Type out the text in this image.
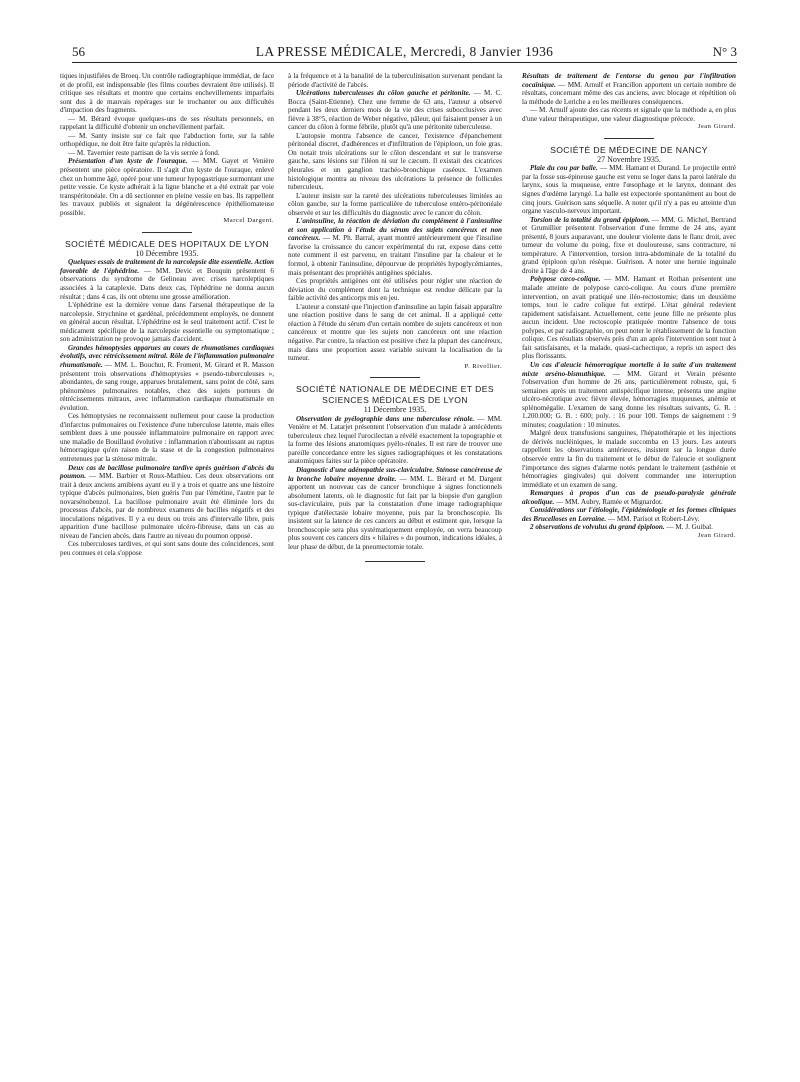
56	LA PRESSE MÉDICALE, Mercredi, 8 Janvier 1936	N° 3

tiques injustifiées de Broeq. Un contrôle radiographique immédiat, de face et de profil, est indispensable (les films courbes devraient être utilisés). Il critique ses résultats et montre que certains enchevillements imparfaits sont dus à de mauvais repérages sur le trochanter ou aux difficultés d'impaction des fragments.

— M. Bérard évoque quelques-uns de ses résultats personnels, en rappelant la difficulté d'obtenir un enchevillement parfait.

— M. Santy insiste sur ce fait que l'abduction forte, sur la table orthopédique, ne doit être faite qu'après la réduction.

— M. Tavernier reste partisan de la vis serrée à fond.

Présentation d'un kyste de l'ouraque. — MM. Gayet et Venière présentent une pièce opératoire. Il s'agit d'un kyste de l'ouraque, enlevé chez un homme âgé, opéré pour une tumeur hypogastrique surmontant une petite vessie. Ce kyste adhérait à la ligne blanche et a été extrait par voie transpéritonéale. On a dû sectionner en pleine vessie en bas. Ils rappellent les travaux publiés et signalent la dégénérescence épithéliomateuse possible.

Marcel Dargent.

SOCIÉTÉ MÉDICALE DES HOPITAUX DE LYON

10 Décembre 1935.

Quelques essais de traitement de la narcolepsie dite essentielle. Action favorable de l'éphédrine. — MM. Devic et Bouquin présentent 6 observations du syndrome de Gelineau avec crises narcoleptiques associées à la cataplexie. Dans deux cas, l'éphédrine ne donna aucun résultat ; dans 4 cas, ils ont obtenu une grosse amélioration.

L'éphédrine est la dernière venue dans l'arsenal thérapeutique de la narcolepsie. Strychnine et gardénal, précédemment employés, ne donnent en général aucun résultat. L'éphédrine est le seul traitement actif. C'est le médicament spécifique de la narcolepsie essentielle ou symptomatique ; son administration ne provoque jamais d'accident.

Grandes hémoptysies apparues au cours de rhumatismes cardiaques évolutifs, avec rétrécissement mitral. Rôle de l'inflammation pulmonaire rhumatismale. — MM. L. Bouchut, R. Froment, M. Girard et R. Masson présentent trois observations d'hémoptysies « pseudo-tuberculeuses », abondantes, de sang rouge, apparues brutalement, sans point de côté, sans phénomènes pulmonaires notables, chez des sujets porteurs de rétrécissements mitraux, avec inflammation cardiaque rhumatismale en évolution.

Ces hémoptysies ne reconnaissent nullement pour cause la production d'infarctus pulmonaires ou l'existence d'une tuberculose latente, mais elles semblent dues à une poussée inflammatoire pulmonaire en rapport avec une maladie de Bouillaud évolutive : inflammation n'aboutissant au raptus hémorragique qu'en raison de la stase et de la congestion pulmonaires entretenues par la sténose mitrale.

Deux cas de bacillose pulmonaire tardive après guérison d'abcès du poumon. — MM. Barbier et Roux-Mathieu. Ces deux observations ont trait à deux anciens amibiens ayant eu il y a trois et quatre ans une histoire typique d'abcès pulmonaires, bien guéris l'un par l'émétine, l'autre par le novarsénobenzol. La bacillose pulmonaire avait été éliminée lors du processus d'abcès, par de nombreux examens de bacilles négatifs et des inoculations négatives. Il y a eu deux ou trois ans d'intervalle libre, puis apparition d'une bacillose pulmonaire ulcéro-fibreuse, dans un cas au niveau de l'ancien abcès, dans l'autre au niveau du poumon opposé.

Ces tuberculoses tardives, et qui sont sans doute des coïncidences, sont peu connues et cela s'oppose

à la fréquence et à la banalité de la tuberculinisation survenant pendant la période d'activité de l'abcès.

Ulcérations tuberculeuses du côlon gauche et péritonite. — M. C. Bocca (Saint-Etienne). Chez une femme de 63 ans, l'auteur a observé pendant les deux derniers mois de la vie des crises subocclusives avec fièvre à 38°5, réaction de Weber négative, pâleur, qui faisaient penser à un cancer du côlon à forme fébrile, plutôt qu'à une péritonite tuberculeuse.

L'autopsie montra l'absence de cancer, l'existence d'épanchement péritonéal discret, d'adhérences et d'infiltration de l'épiploon, un foie gras. On notait trois ulcérations sur le côlon descendant et sur le transverse gauche, sans lésions sur l'iléon ni sur le cæcum. Il existait des cicatrices pleurales et un ganglion trachéo-bronchique caséeux. L'examen histologique montra au niveau des ulcérations la présence de follicules tuberculeux.

L'auteur insiste sur la rareté des ulcérations tuberculeuses limitées au côlon gauche, sur la forme particulière de tuberculose entéro-péritonéale observée et sur les difficultés du diagnostic avec le cancer du côlon.

L'aninsuline, la réaction de déviation du complément à l'aninsuline et son application à l'étude du sérum des sujets cancéreux et non cancéreux. — M. Ph. Barral, ayant montré antérieurement que l'insuline favorise la croissance du cancer expérimental du rat, expose dans cette note comment il est parvenu, en traitant l'insuline par la chaleur et le formol, à obtenir l'aninsuline, dépourvue de propriétés hypoglycémiantes, mais présentant des propriétés antigènes spéciales.

Ces propriétés antigènes ont été utilisées pour régler une réaction de déviation du complément dont la technique est rendue délicate par la faible activité des anticorps mis en jeu.

L'auteur a constaté que l'injection d'aninsuline au lapin faisait apparaître une réaction positive dans le sang de cet animal. Il a appliqué cette réaction à l'étude du sérum d'un certain nombre de sujets cancéreux et non cancéreux et montre que les sujets non cancéreux ont une réaction négative. Par contre, la réaction est positive chez la plupart des cancéreux, mais dans une proportion assez variable suivant la localisation de la tumeur.

P. Rivollier.

SOCIÉTÉ NATIONALE DE MÉDECINE ET DES SCIENCES MÉDICALES DE LYON

11 Décembre 1935.

Observation de pyélographie dans une tuberculose rénale. — MM. Venière et M. Latarjet présentent l'observation d'un malade à antécédents tuberculeux chez lequel l'urocilectan a révélé exactement la topographie et la forme des lésions anatomiques pyélo-rénales. Il est rare de trouver une pareille concordance entre les signes radiographiques et les constatations anatomiques faites sur la pièce opératoire.

Diagnostic d'une adénopathie sus-claviculaire. Sténose cancéreuse de la bronche lobaire moyenne droite. — MM. L. Bérard et M. Dargent apportent un nouveau cas de cancer bronchique à signes fonctionnels absolument latents, où le diagnostic fut fait par la biopsie d'un ganglion sus-claviculaire, puis par la constatation d'une image radiographique typique d'atélectasie lobaire moyenne, puis par la bronchoscopie. Ils insistent sur la latence de ces cancers au début et estiment que, lorsque la bronchoscopie sera plus systématiquement employée, on verra beaucoup plus souvent ces cancers dits « hilaires » du poumon, indications idéales, à leur phase de début, de la pneumectomie totale.

Résultats de traitement de l'entorse du genou par l'infiltration cocaïnique. — MM. Arnulf et Francillon apportent un certain nombre de résultats, concernant même des cas anciens, avec blocage et répétition où la méthode de Leriche a eu les meilleures conséquences.

— M. Arnulf ajoute des cas récents et signale que la méthode a, en plus d'une valeur thérapeutique, une valeur diagnostique précoce.

Jean Girard.

SOCIÉTÉ DE MÉDECINE DE NANCY

27 Novembre 1935.

Plaie du cou par balle. — MM. Hamant et Durand. Le projectile entré par la fosse sus-épineuse gauche est venu se loger dans la paroi latérale du larynx, sous la muqueuse, entre l'œsophage et le larynx, donnant des signes d'œdème laryngé. La balle est expectorée spontanément au bout de cinq jours. Guérison sans séquelle. A noter qu'il n'y a pas eu atteinte d'un organe vasculo-nerveux important.

Torsion de la totalité du grand épiploon. — MM. G. Michel, Bertrand et Grumillier présentent l'observation d'une femme de 24 ans, ayant présenté, 8 jours auparavant, une douleur violente dans le flanc droit, avec tumeur du volume du poing, fixe et douloureuse, sans contracture, ni température. A l'intervention, torsion intra-abdominale de la totalité du grand épiploon qu'on résèque. Guérison. A noter une hernie inguinale droite à l'âge de 4 ans.

Polypose cæco-colique. — MM. Hamant et Rothan présentent une malade atteinte de polypose cæco-colique. Au cours d'une première intervention, on avait pratiqué une iléo-rectostomie; dans un deuxième temps, tout le cadre colique fut extirpé. L'état général redevient rapidement satisfaisant. Actuellement, cette jeune fille ne présente plus aucun incident. Une rectoscopie pratiquée montre l'absence de tous polypes, et par radiographie, on peut noter le rétablissement de la fonction colique. Ces résultats observés près d'un an après l'intervention sont tout à fait satisfaisants, et la malade, quasi-cachectique, a repris un aspect des plus florissants.

Un cas d'aleucie hémorragique mortelle à la suite d'un traitement mixte arséno-bismuthique. — MM. Girard et Verain présente l'observation d'un homme de 26 ans, particulièrement robuste, qui, 6 semaines après un traitement antispécifique intense, présenta une angine ulcéro-nécrotique avec fièvre élevée, hémorragies muqueuses, anémie et splénomégalie. L'examen de sang donne les résultats suivants, G. R. : 1.200.000; G. B. : 600; poly. : 16 pour 100. Temps de saignement : 9 minutes; coagulation : 10 minutes.

Malgré deux transfusions sanguines, l'hépatothérapie et les injections de dérivés nucléiniques, le malade succomba en 13 jours. Les auteurs rappellent les observations antérieures, insistent sur la longue durée observée entre la fin du traitement et le début de l'aleucie et soulignent l'importance des signes d'alarme notés pendant le traitement (asthénie et hémorragies gingivales) qui doivent commander une interruption immédiate et un examen de sang.

Remarques à propos d'un cas de pseudo-paralysie générale alcoolique. — MM. Aubry, Ramée et Mignardot.

Considérations sur l'étiologie, l'épidémiologie et les formes cliniques des Brucelloses en Lorraine. — MM. Parisot et Robert-Lévy.

2 observations de volvulus du grand épiploon. — M. J. Guibal.

Jean Girard.
